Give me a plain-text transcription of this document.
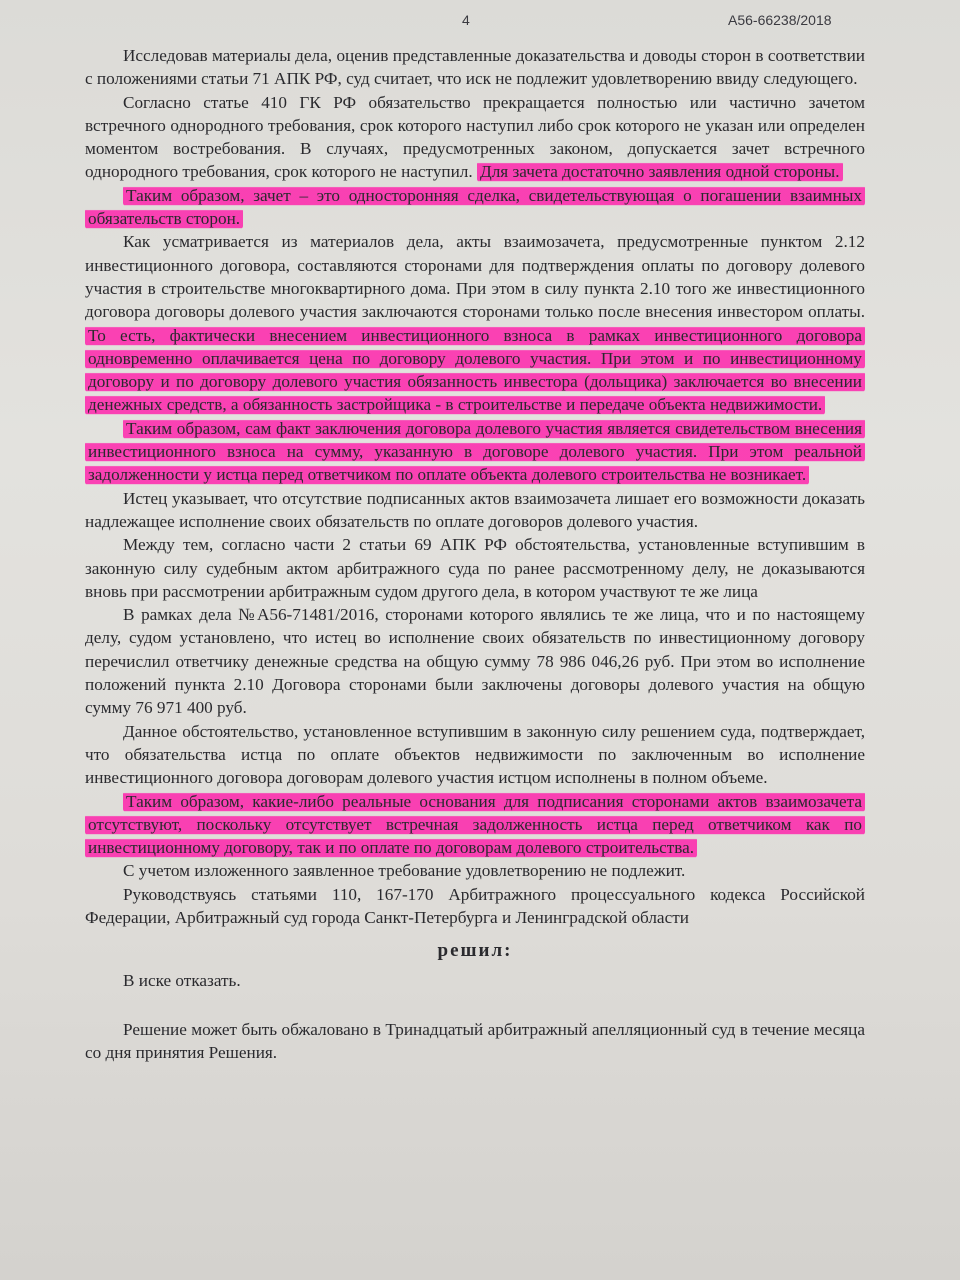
4	А56-66238/2018

Исследовав материалы дела, оценив представленные доказательства и доводы сторон в соответствии с положениями статьи 71 АПК РФ, суд считает, что иск не подлежит удовлетворению ввиду следующего.

Согласно статье 410 ГК РФ обязательство прекращается полностью или частично зачетом встречного однородного требования, срок которого наступил либо срок которого не указан или определен моментом востребования. В случаях, предусмотренных законом, допускается зачет встречного однородного требования, срок которого не наступил. Для зачета достаточно заявления одной стороны.

Таким образом, зачет – это односторонняя сделка, свидетельствующая о погашении взаимных обязательств сторон.

Как усматривается из материалов дела, акты взаимозачета, предусмотренные пунктом 2.12 инвестиционного договора, составляются сторонами для подтверждения оплаты по договору долевого участия в строительстве многоквартирного дома. При этом в силу пункта 2.10 того же инвестиционного договора договоры долевого участия заключаются сторонами только после внесения инвестором оплаты. То есть, фактически внесением инвестиционного взноса в рамках инвестиционного договора одновременно оплачивается цена по договору долевого участия. При этом и по инвестиционному договору и по договору долевого участия обязанность инвестора (дольщика) заключается во внесении денежных средств, а обязанность застройщика - в строительстве и передаче объекта недвижимости.

Таким образом, сам факт заключения договора долевого участия является свидетельством внесения инвестиционного взноса на сумму, указанную в договоре долевого участия. При этом реальной задолженности у истца перед ответчиком по оплате объекта долевого строительства не возникает.

Истец указывает, что отсутствие подписанных актов взаимозачета лишает его возможности доказать надлежащее исполнение своих обязательств по оплате договоров долевого участия.

Между тем, согласно части 2 статьи 69 АПК РФ обстоятельства, установленные вступившим в законную силу судебным актом арбитражного суда по ранее рассмотренному делу, не доказываются вновь при рассмотрении арбитражным судом другого дела, в котором участвуют те же лица

В рамках дела №А56-71481/2016, сторонами которого являлись те же лица, что и по настоящему делу, судом установлено, что истец во исполнение своих обязательств по инвестиционному договору перечислил ответчику денежные средства на общую сумму 78 986 046,26 руб. При этом во исполнение положений пункта 2.10 Договора сторонами были заключены договоры долевого участия на общую сумму 76 971 400 руб.

Данное обстоятельство, установленное вступившим в законную силу решением суда, подтверждает, что обязательства истца по оплате объектов недвижимости по заключенным во исполнение инвестиционного договора договорам долевого участия истцом исполнены в полном объеме.

Таким образом, какие-либо реальные основания для подписания сторонами актов взаимозачета отсутствуют, поскольку отсутствует встречная задолженность истца перед ответчиком как по инвестиционному договору, так и по оплате по договорам долевого строительства.

С учетом изложенного заявленное требование удовлетворению не подлежит.

Руководствуясь статьями 110, 167-170 Арбитражного процессуального кодекса Российской Федерации, Арбитражный суд города Санкт-Петербурга и Ленинградской области

решил:

В иске отказать.

Решение может быть обжаловано в Тринадцатый арбитражный апелляционный суд в течение месяца со дня принятия Решения.
